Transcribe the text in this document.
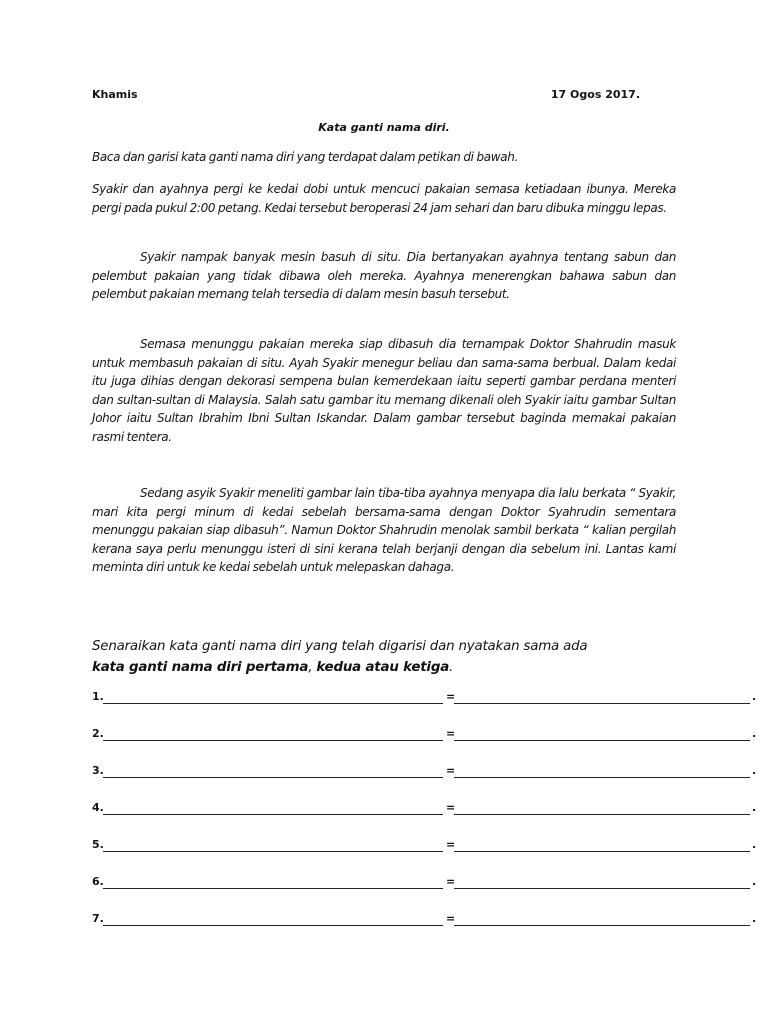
Khamis	17 Ogos 2017.
Kata ganti nama diri.

Baca dan garisi kata ganti nama diri yang terdapat dalam petikan di bawah.

Syakir dan ayahnya pergi ke kedai dobi untuk mencuci pakaian semasa ketiadaan ibunya. Mereka pergi pada pukul 2:00 petang. Kedai tersebut beroperasi 24 jam sehari dan baru dibuka minggu lepas.

Syakir nampak banyak mesin basuh di situ. Dia bertanyakan ayahnya tentang sabun dan pelembut pakaian yang tidak dibawa oleh mereka. Ayahnya menerengkan bahawa sabun dan pelembut pakaian memang telah tersedia di dalam mesin basuh tersebut.

Semasa menunggu pakaian mereka siap dibasuh dia ternampak Doktor Shahrudin masuk untuk membasuh pakaian di situ. Ayah Syakir menegur beliau dan sama-sama berbual. Dalam kedai itu juga dihias dengan dekorasi sempena bulan kemerdekaan iaitu seperti gambar perdana menteri dan sultan-sultan di Malaysia. Salah satu gambar itu memang dikenali oleh Syakir iaitu gambar Sultan Johor iaitu Sultan Ibrahim Ibni Sultan Iskandar. Dalam gambar tersebut baginda memakai pakaian rasmi tentera.

Sedang asyik Syakir meneliti gambar lain tiba-tiba ayahnya menyapa dia lalu berkata “ Syakir, mari kita pergi minum di kedai sebelah bersama-sama dengan Doktor Syahrudin sementara menunggu pakaian siap dibasuh”. Namun Doktor Shahrudin menolak sambil berkata “ kalian pergilah kerana saya perlu menunggu isteri di sini kerana telah berjanji dengan dia sebelum ini. Lantas kami meminta diri untuk ke kedai sebelah untuk melepaskan dahaga.

Senaraikan kata ganti nama diri yang telah digarisi dan nyatakan sama ada
kata ganti nama diri pertama, kedua atau ketiga.
1.	=	.
2.	=	.
3.	=	.
4.	=	.
5.	=	.
6.	=	.
7.	=	.
